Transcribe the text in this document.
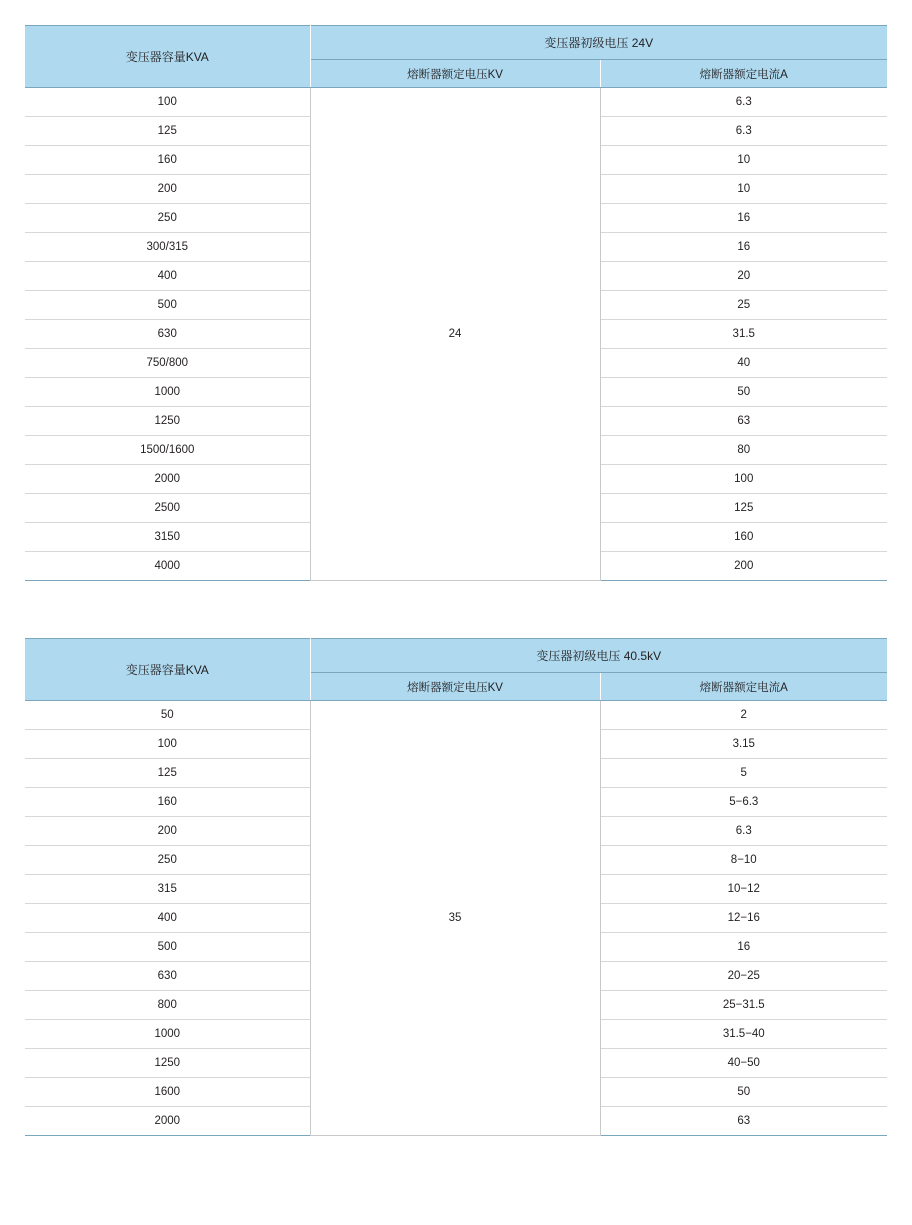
变压器容量KVA	变压器初级电压 24V	
	熔断器额定电压KV	熔断器额定电流A
100	24	6.3
125		6.3
160		10
200		10
250		16
300/315		16
400		20
500		25
630		31.5
750/800		40
1000		50
1250		63
1500/1600		80
2000		100
2500		125
3150		160
4000		200
变压器容量KVA	变压器初级电压 40.5kV	
	熔断器额定电压KV	熔断器额定电流A
50	35	2
100		3.15
125		5
160		5−6.3
200		6.3
250		8−10
315		10−12
400		12−16
500		16
630		20−25
800		25−31.5
1000		31.5−40
1250		40−50
1600		50
2000		63
